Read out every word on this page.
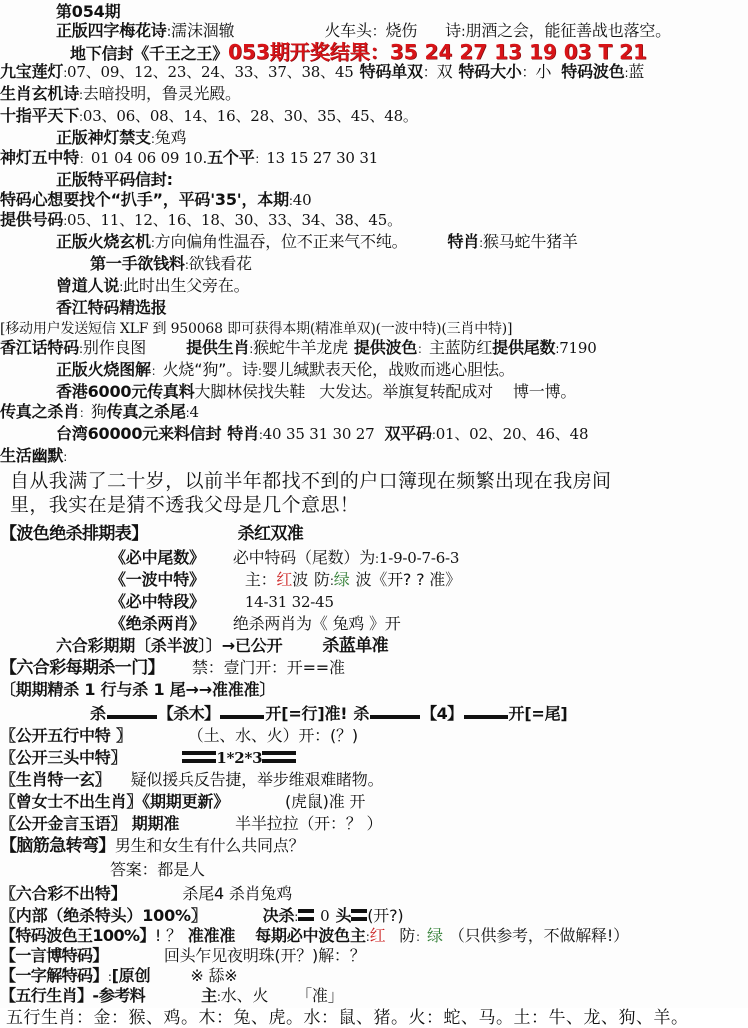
第054期
正版四字梅花诗:濡沫涸辙	火车头：烧伤 诗:朋酒之会，能征善战也落空。
地下信封《千王之王》053期开奖结果：35 24 27 13 19 03 T 21
九宝莲灯:07、09、12、23、24、33、37、38、45 特码单双：双 特码大小：小 特码波色:蓝
生肖玄机诗:去暗投明，鲁灵光殿。
十指平天下:03、06、08、14、16、28、30、35、45、48。
正版神灯禁支:兔鸡
神灯五中特：01 04 06 09 10.五个平：13 15 27 30 31
正版特平码信封:
特码心想要找个“扒手”，平码'35'，本期:40
提供号码:05、11、12、16、18、30、33、34、38、45。
正版火烧玄机:方向偏角性温吞，位不正来气不纯。	特肖:猴马蛇牛猪羊
第一手欲钱料:欲钱看花
曾道人说:此时出生父旁在。
香江特码精选报
[移动用户发送短信 XLF 到 950068 即可获得本期(精准单双)(一波中特)(三肖中特)]
香江话特码:别作良图	提供生肖:猴蛇牛羊龙虎 提供波色：主蓝防红提供尾数:7190
正版火烧图解：火烧“狗”。诗:婴儿缄默表天伦，战败而逃心胆怯。
香港6000元传真料大脚林侯找失鞋 大发达。举旗复转配成对 博一博。
传真之杀肖：狗传真之杀尾:4
台湾60000元来料信封 特肖:40 35 31 30 27 双平码:01、02、20、46、48
生活幽默:
自从我满了二十岁，以前半年都找不到的户口簿现在频繁出现在我房间
里，我实在是猜不透我父母是几个意思！
【波色绝杀排期表】	杀红双准
《必中尾数》 必中特码（尾数）为:1-9-0-7-6-3
《一波中特》	主：红波 防:绿 波《开? ? 准》
《必中特段》	14-31 32-45
《绝杀两肖》 绝杀两肖为《 兔鸡 》开
六合彩期期〔杀半波〕〕→已公开 杀蓝单准
【六合彩每期杀一门】 禁：壹门开：开==准
〔期期精杀 1 行与杀 1 尾→→准准准〕
杀	【杀木】	开[=行]准! 杀	【4】	开[=尾]
〖公开五行中特 〗	（土、水、火）开：(？)
〖公开三头中特〗	1*2*3
〖生肖特一玄〗 疑似援兵反告捷，举步维艰难睹物。
〖曾女士不出生肖〗《期期更新》	(虎鼠)准 开
〖公开金言玉语〗 期期准	半半拉拉（开：？ ）
【脑筋急转弯】男生和女生有什么共同点？
答案：都是人
〖六合彩不出特】	杀尾4 杀肖兔鸡
〖内部（绝杀特头）100%〗	决杀: 0 头 (开?)
【特码波色王100%】! ？ 准准准 每期必中波色主:红 防：绿 （只供参考，不做解释!）
【一言博特码】	回头乍见夜明珠(开？)解：？
【一字解特码】:[原创	※ 舔※
【五行生肖】-参考料	主:水、火 「准」
五行生肖：金：猴、鸡。木：兔、虎。水：鼠、猪。火：蛇、马。土：牛、龙、狗、羊。
